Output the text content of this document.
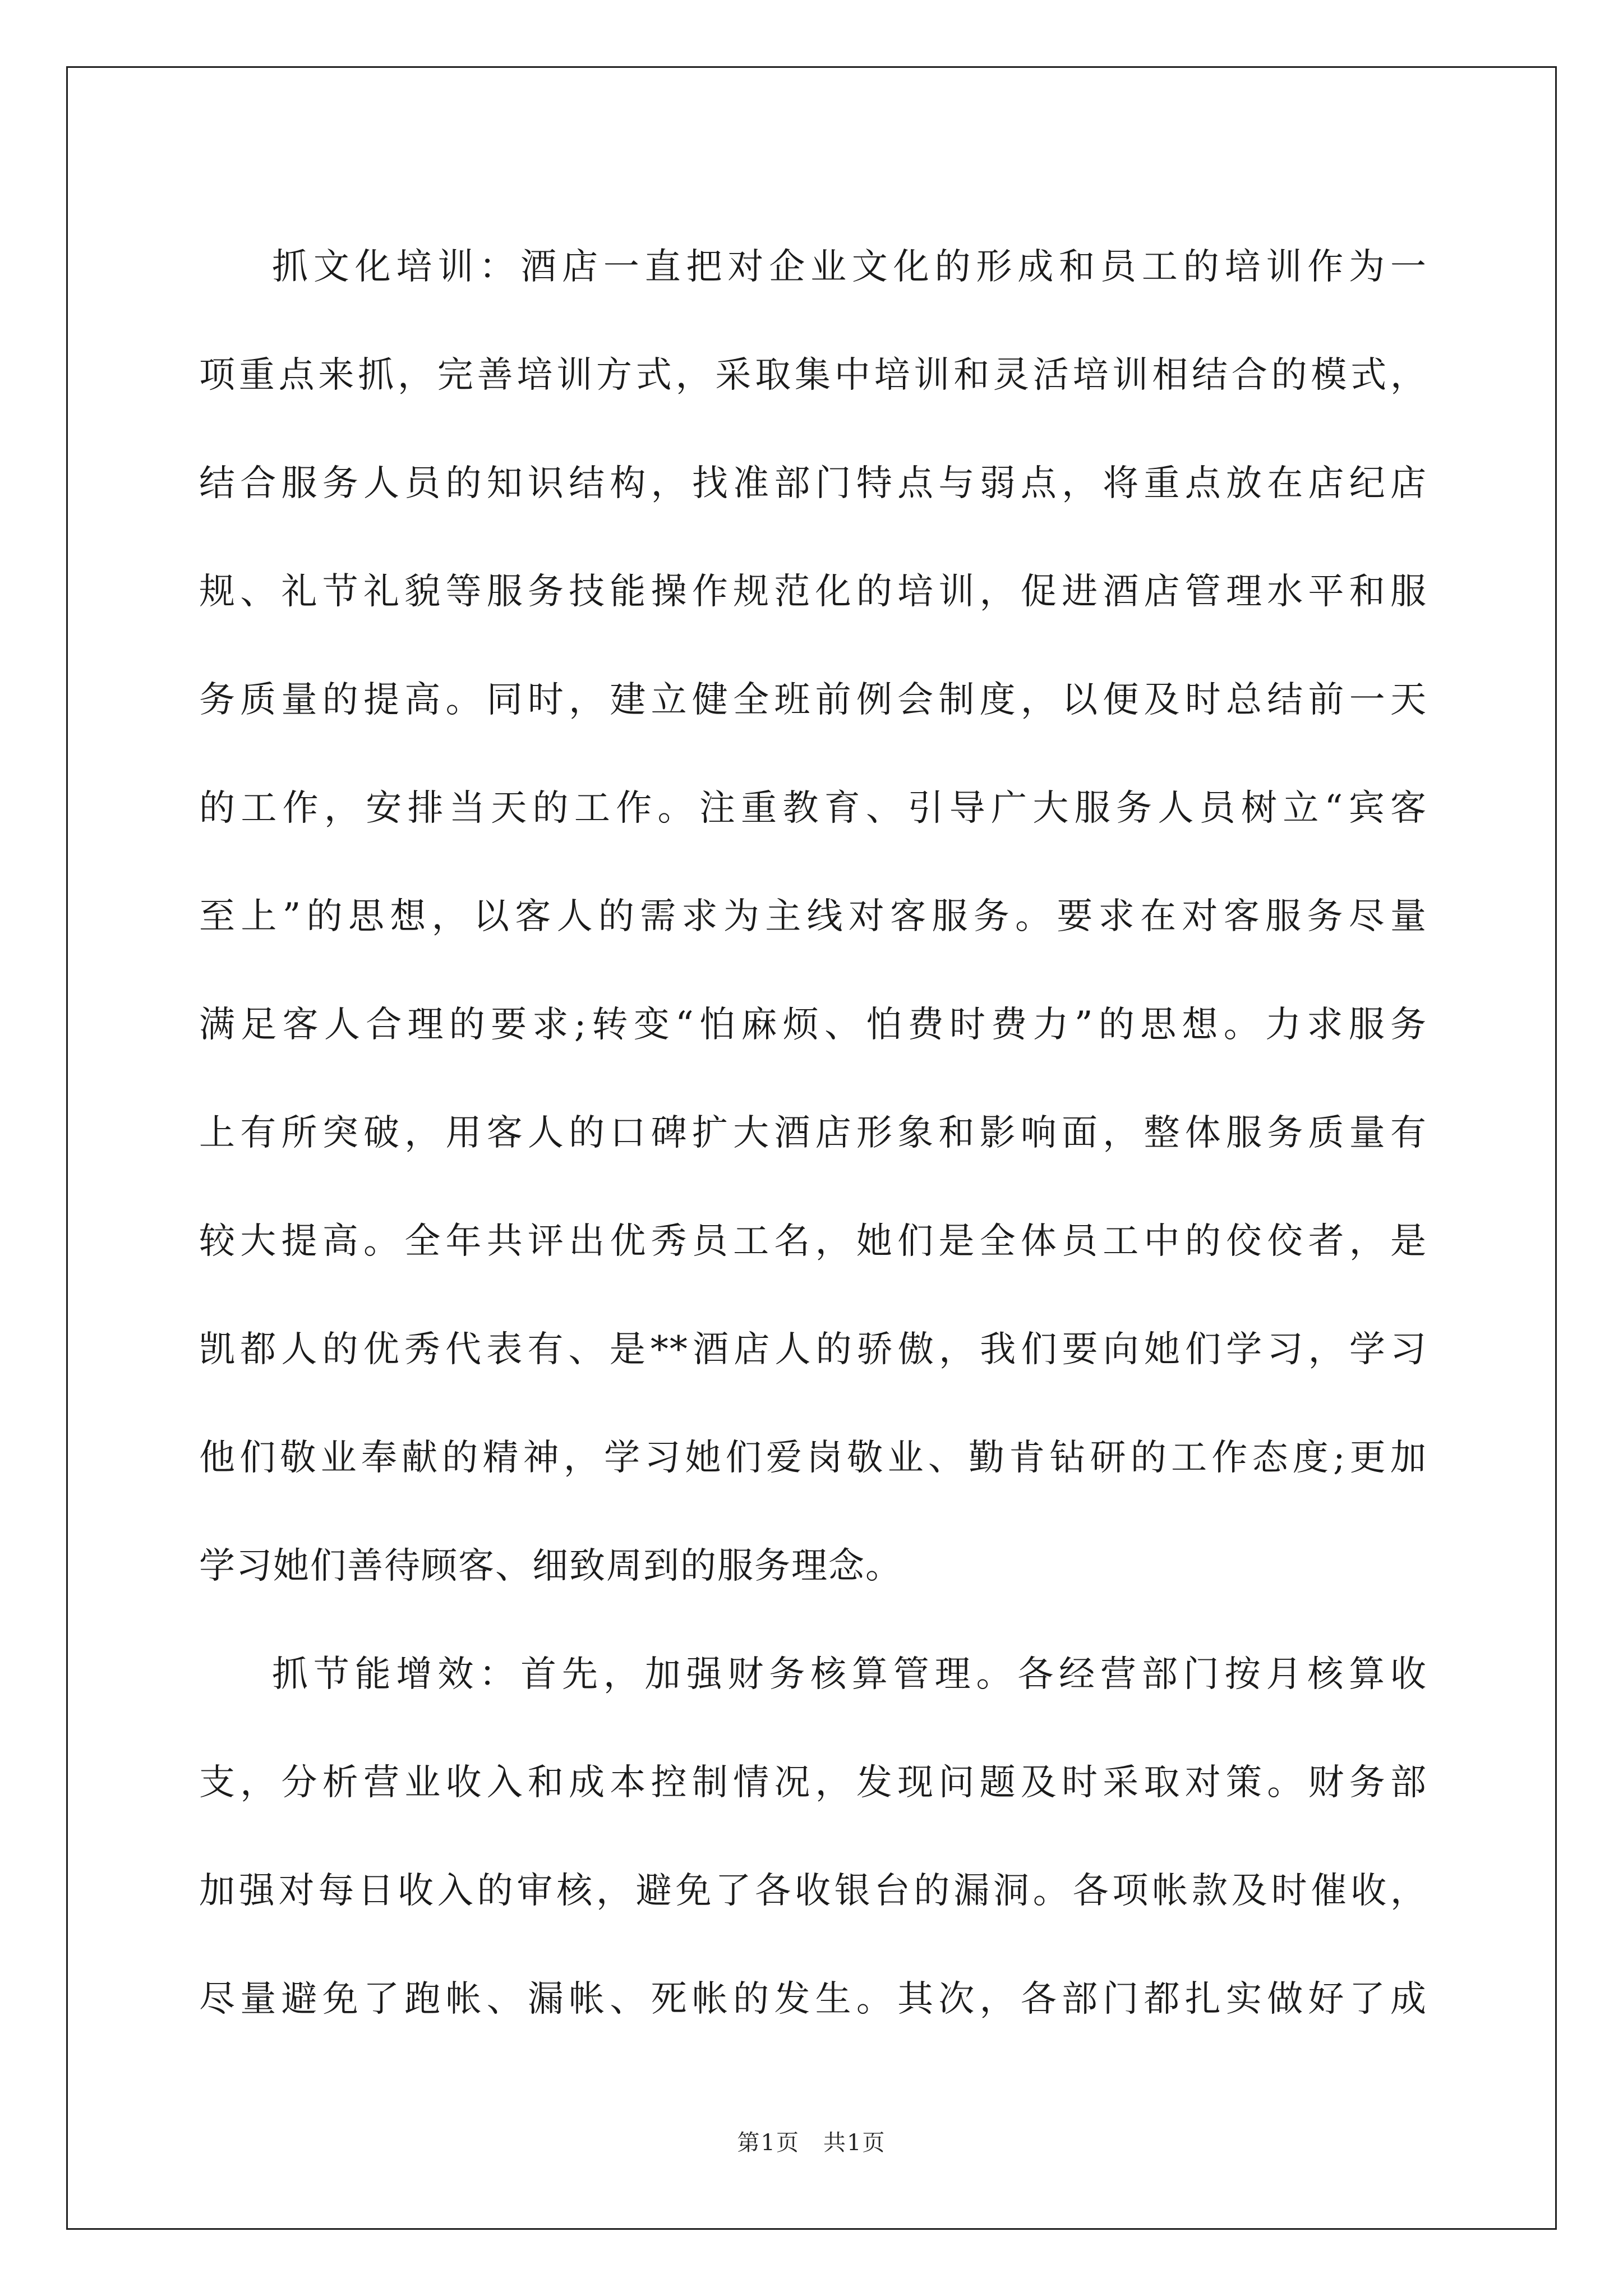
抓文化培训：酒店一直把对企业文化的形成和员工的培训作为一
项重点来抓，完善培训方式，采取集中培训和灵活培训相结合的模式，
结合服务人员的知识结构，找准部门特点与弱点，将重点放在店纪店
规、礼节礼貌等服务技能操作规范化的培训，促进酒店管理水平和服
务质量的提高。同时，建立健全班前例会制度，以便及时总结前一天
的工作，安排当天的工作。注重教育、引导广大服务人员树立“宾客
至上”的思想，以客人的需求为主线对客服务。要求在对客服务尽量
满足客人合理的要求;转变“怕麻烦、怕费时费力”的思想。力求服务
上有所突破，用客人的口碑扩大酒店形象和影响面，整体服务质量有
较大提高。全年共评出优秀员工名，她们是全体员工中的佼佼者，是
凯都人的优秀代表有、是**酒店人的骄傲，我们要向她们学习，学习
他们敬业奉献的精神，学习她们爱岗敬业、勤肯钻研的工作态度;更加
学习她们善待顾客、细致周到的服务理念。
抓节能增效：首先，加强财务核算管理。各经营部门按月核算收
支，分析营业收入和成本控制情况，发现问题及时采取对策。财务部
加强对每日收入的审核，避免了各收银台的漏洞。各项帐款及时催收，
尽量避免了跑帐、漏帐、死帐的发生。其次，各部门都扎实做好了成
第1页　共1页
